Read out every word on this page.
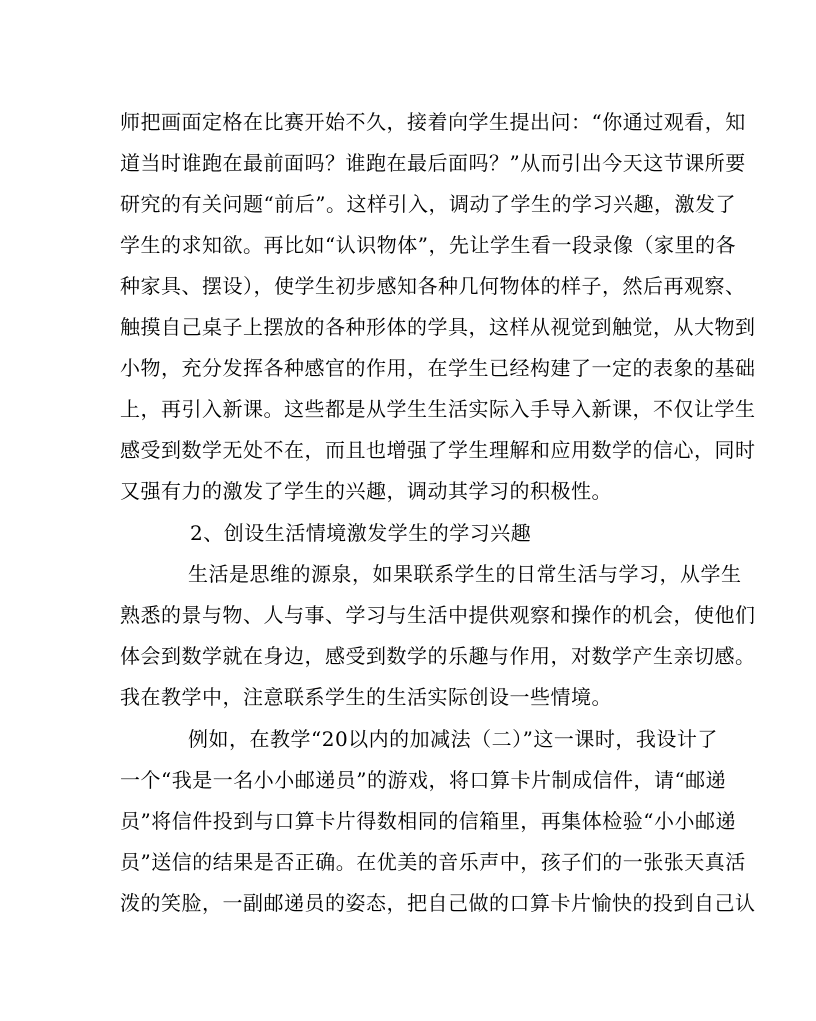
师把画面定格在比赛开始不久，接着向学生提出问：“你通过观看，知
道当时谁跑在最前面吗？谁跑在最后面吗？”从而引出今天这节课所要
研究的有关问题“前后”。这样引入，调动了学生的学习兴趣，激发了
学生的求知欲。再比如“认识物体”，先让学生看一段录像（家里的各
种家具、摆设），使学生初步感知各种几何物体的样子，然后再观察、
触摸自己桌子上摆放的各种形体的学具，这样从视觉到触觉，从大物到
小物，充分发挥各种感官的作用，在学生已经构建了一定的表象的基础
上，再引入新课。这些都是从学生生活实际入手导入新课，不仅让学生
感受到数学无处不在，而且也增强了学生理解和应用数学的信心，同时
又强有力的激发了学生的兴趣，调动其学习的积极性。
2、创设生活情境激发学生的学习兴趣
生活是思维的源泉，如果联系学生的日常生活与学习，从学生
熟悉的景与物、人与事、学习与生活中提供观察和操作的机会，使他们
体会到数学就在身边，感受到数学的乐趣与作用，对数学产生亲切感。
我在教学中，注意联系学生的生活实际创设一些情境。
例如，在教学“20以内的加减法（二）”这一课时，我设计了
一个“我是一名小小邮递员”的游戏，将口算卡片制成信件，请“邮递
员”将信件投到与口算卡片得数相同的信箱里，再集体检验“小小邮递
员”送信的结果是否正确。在优美的音乐声中，孩子们的一张张天真活
泼的笑脸，一副邮递员的姿态，把自己做的口算卡片愉快的投到自己认
